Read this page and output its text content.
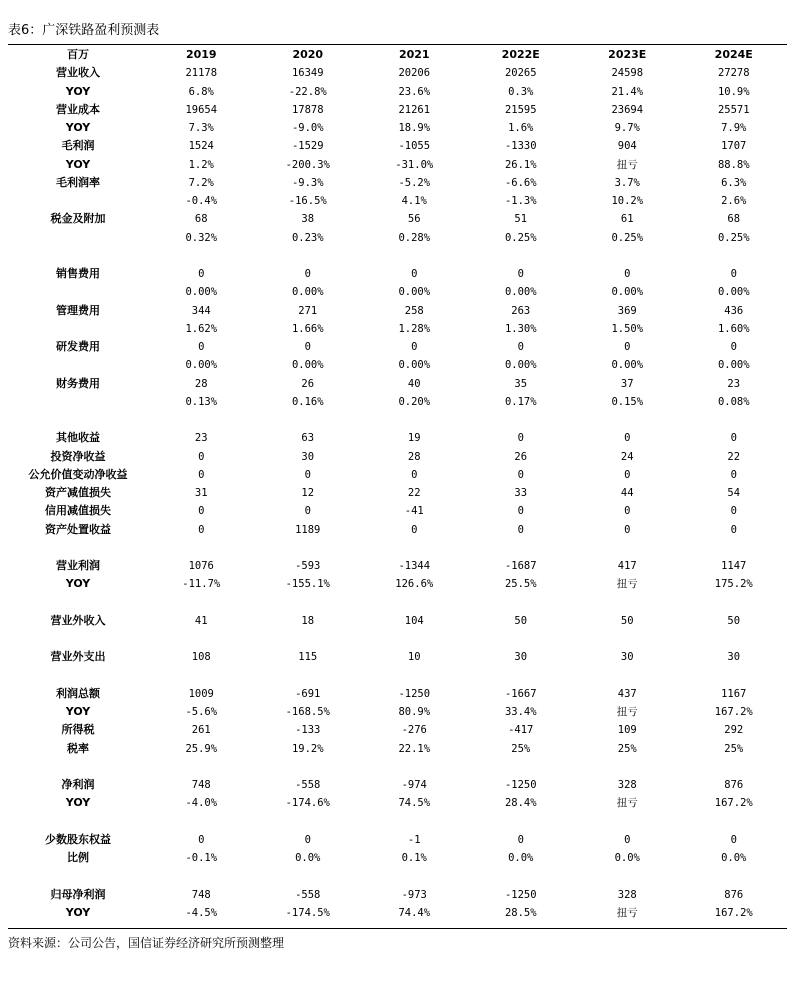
表6：广深铁路盈利预测表
百万	2019	2020	2021	2022E	2023E	2024E
营业收入	21178	16349	20206	20265	24598	27278
YOY	6.8%	-22.8%	23.6%	0.3%	21.4%	10.9%
营业成本	19654	17878	21261	21595	23694	25571
YOY	7.3%	-9.0%	18.9%	1.6%	9.7%	7.9%
毛利润	1524	-1529	-1055	-1330	904	1707
YOY	1.2%	-200.3%	-31.0%	26.1%	扭亏	88.8%
毛利润率	7.2%	-9.3%	-5.2%	-6.6%	3.7%	6.3%
	-0.4%	-16.5%	4.1%	-1.3%	10.2%	2.6%
税金及附加	68	38	56	51	61	68
	0.32%	0.23%	0.28%	0.25%	0.25%	0.25%

销售费用	0	0	0	0	0	0
	0.00%	0.00%	0.00%	0.00%	0.00%	0.00%
管理费用	344	271	258	263	369	436
	1.62%	1.66%	1.28%	1.30%	1.50%	1.60%
研发费用	0	0	0	0	0	0
	0.00%	0.00%	0.00%	0.00%	0.00%	0.00%
财务费用	28	26	40	35	37	23
	0.13%	0.16%	0.20%	0.17%	0.15%	0.08%

其他收益	23	63	19	0	0	0
投资净收益	0	30	28	26	24	22
公允价值变动净收益	0	0	0	0	0	0
资产减值损失	31	12	22	33	44	54
信用减值损失	0	0	-41	0	0	0
资产处置收益	0	1189	0	0	0	0

营业利润	1076	-593	-1344	-1687	417	1147
YOY	-11.7%	-155.1%	126.6%	25.5%	扭亏	175.2%

营业外收入	41	18	104	50	50	50

营业外支出	108	115	10	30	30	30

利润总额	1009	-691	-1250	-1667	437	1167
YOY	-5.6%	-168.5%	80.9%	33.4%	扭亏	167.2%
所得税	261	-133	-276	-417	109	292
税率	25.9%	19.2%	22.1%	25%	25%	25%

净利润	748	-558	-974	-1250	328	876
YOY	-4.0%	-174.6%	74.5%	28.4%	扭亏	167.2%

少数股东权益	0	0	-1	0	0	0
比例	-0.1%	0.0%	0.1%	0.0%	0.0%	0.0%

归母净利润	748	-558	-973	-1250	328	876
YOY	-4.5%	-174.5%	74.4%	28.5%	扭亏	167.2%
资料来源：公司公告，国信证券经济研究所预测整理
